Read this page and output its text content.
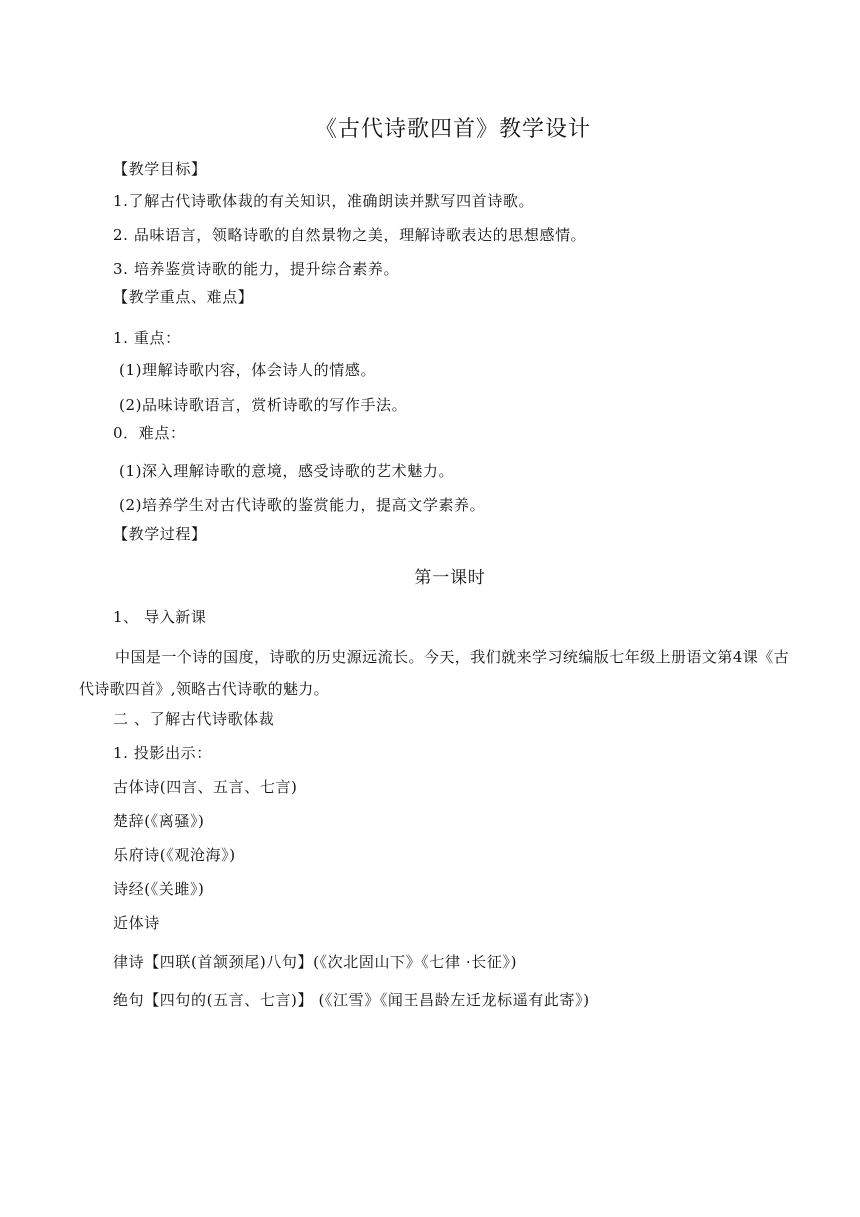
《古代诗歌四首》教学设计
【教学目标】
1.了解古代诗歌体裁的有关知识，准确朗读并默写四首诗歌。
2. 品味语言，领略诗歌的自然景物之美，理解诗歌表达的思想感情。
3. 培养鉴赏诗歌的能力，提升综合素养。
【教学重点、难点】
1. 重点：
(1)理解诗歌内容，体会诗人的情感。
(2)品味诗歌语言，赏析诗歌的写作手法。
0．难点：
(1)深入理解诗歌的意境，感受诗歌的艺术魅力。
(2)培养学生对古代诗歌的鉴赏能力，提高文学素养。
【教学过程】
第一课时
1、 导入新课
中国是一个诗的国度，诗歌的历史源远流长。今天，我们就来学习统编版七年级上册语文第4课《古代诗歌四首》,领略古代诗歌的魅力。
二 、了解古代诗歌体裁
1. 投影出示：
古体诗(四言、五言、七言)
楚辞(《离骚》)
乐府诗(《观沧海》)
诗经(《关雎》)
近体诗
律诗【四联(首颔颈尾)八句】(《次北固山下》《七律 ·长征》)
绝句【四句的(五言、七言)】 (《江雪》《闻王昌龄左迁龙标遥有此寄》)
